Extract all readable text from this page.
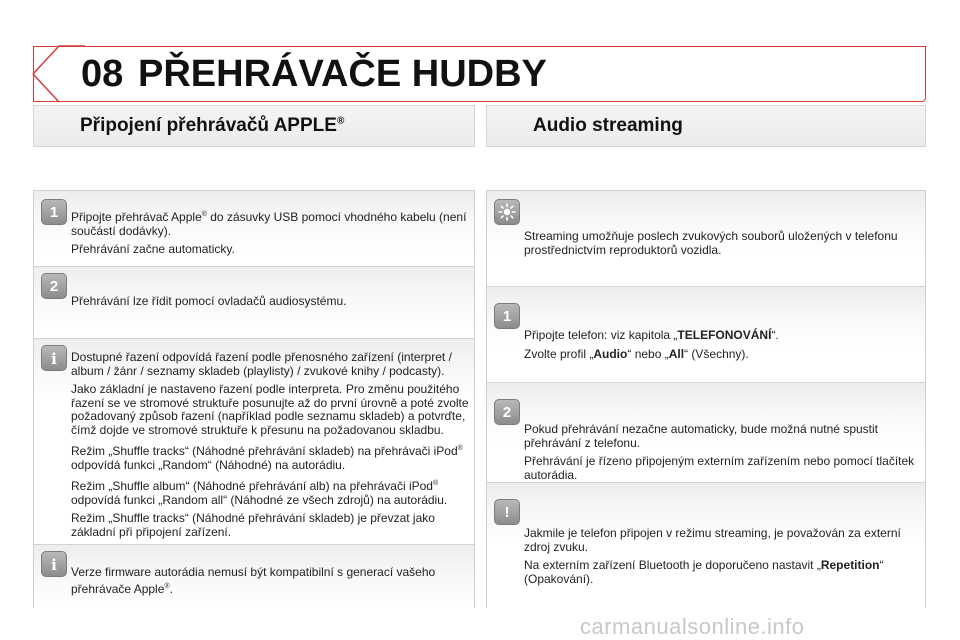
08 PŘEHRÁVAČE HUDBY
Připojení přehrávačů APPLE®	Audio streaming
1	Připojte přehrávač Apple® do zásuvky USB pomocí vhodného kabelu (není součástí dodávky).

Přehrávání začne automaticky.

2

Přehrávání lze řídit pomocí ovladačů audiosystému.

i	Dostupné řazení odpovídá řazení podle přenosného zařízení (interpret / album / žánr / seznamy skladeb (playlisty) / zvukové knihy / podcasty).

Jako základní je nastaveno řazení podle interpreta. Pro změnu použitého řazení se ve stromové struktuře posunujte až do první úrovně a poté zvolte požadovaný způsob řazení (například podle seznamu skladeb) a potvrďte, čímž dojde ve stromové struktuře k přesunu na požadovanou skladbu.

Režim „Shuffle tracks“ (Náhodné přehrávání skladeb) na přehrávači iPod® odpovídá funkci „Random“ (Náhodné) na autorádiu.

Režim „Shuffle album“ (Náhodné přehrávání alb) na přehrávači iPod® odpovídá funkci „Random all“ (Náhodné ze všech zdrojů) na autorádiu.

Režim „Shuffle tracks“ (Náhodné přehrávání skladeb) je převzat jako základní při připojení zařízení.

i	Verze firmware autorádia nemusí být kompatibilní s generací vašeho přehrávače Apple®.

Streaming umožňuje poslech zvukových souborů uložených v telefonu prostřednictvím reproduktorů vozidla.

1

Připojte telefon: viz kapitola „TELEFONOVÁNÍ“.

Zvolte profil „Audio“ nebo „All“ (Všechny).

2

Pokud přehrávání nezačne automaticky, bude možná nutné spustit přehrávání z telefonu.

Přehrávání je řízeno připojeným externím zařízením nebo pomocí tlačítek autorádia.

!

Jakmile je telefon připojen v režimu streaming, je považován za externí zdroj zvuku.

Na externím zařízení Bluetooth je doporučeno nastavit „Repetition“ (Opakování).

carmanualsonline.info
